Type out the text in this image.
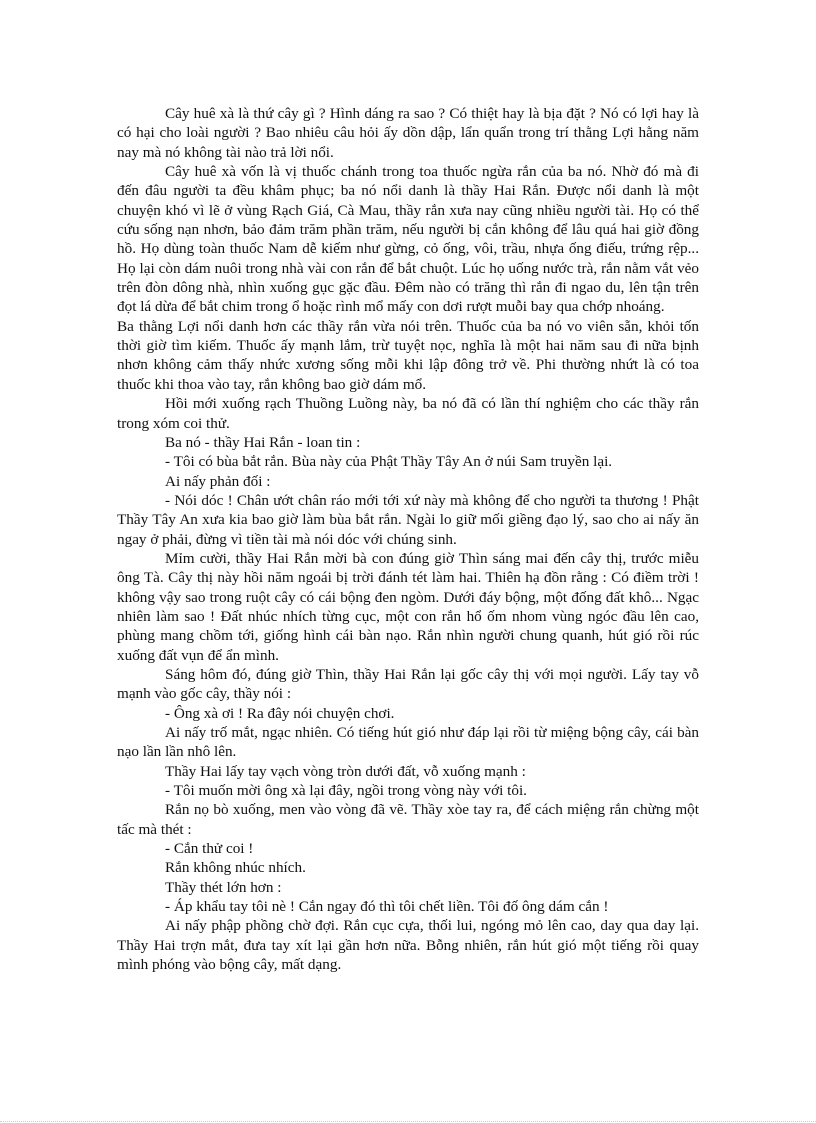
Cây huê xà là thứ cây gì ? Hình dáng ra sao ? Có thiệt hay là bịa đặt ? Nó có lợi hay là có hại cho loài người ? Bao nhiêu câu hỏi ấy dồn dập, lẩn quẩn trong trí thằng Lợi hằng năm nay mà nó không tài nào trả lời nổi.

Cây huê xà vốn là vị thuốc chánh trong toa thuốc ngừa rắn của ba nó. Nhờ đó mà đi đến đâu người ta đều khâm phục; ba nó nổi danh là thầy Hai Rắn. Được nổi danh là một chuyện khó vì lẽ ở vùng Rạch Giá, Cà Mau, thầy rắn xưa nay cũng nhiều người tài. Họ có thể cứu sống nạn nhơn, bảo đảm trăm phần trăm, nếu người bị cắn không để lâu quá hai giờ đồng hồ. Họ dùng toàn thuốc Nam dễ kiếm như gừng, cỏ ống, vôi, trầu, nhựa ống điếu, trứng rệp... Họ lại còn dám nuôi trong nhà vài con rắn để bắt chuột. Lúc họ uống nước trà, rắn nằm vắt vẻo trên đòn dông nhà, nhìn xuống gục gặc đầu. Đêm nào có trăng thì rắn đi ngao du, lên tận trên đọt lá dừa để bắt chim trong ổ hoặc rình mổ mấy con dơi rượt muỗi bay qua chớp nhoáng.

Ba thằng Lợi nổi danh hơn các thầy rắn vừa nói trên. Thuốc của ba nó vo viên sẵn, khỏi tốn thời giờ tìm kiếm. Thuốc ấy mạnh lắm, trừ tuyệt nọc, nghĩa là một hai năm sau đi nữa bịnh nhơn không cảm thấy nhức xương sống mỗi khi lập đông trở về. Phi thường nhứt là có toa thuốc khi thoa vào tay, rắn không bao giờ dám mổ.

Hồi mới xuống rạch Thuồng Luồng này, ba nó đã có lần thí nghiệm cho các thầy rắn trong xóm coi thử.

Ba nó - thầy Hai Rắn - loan tin :

- Tôi có bùa bắt rắn. Bùa này của Phật Thầy Tây An ở núi Sam truyền lại.

Ai nấy phản đối :

- Nói dóc ! Chân ướt chân ráo mới tới xứ này mà không để cho người ta thương ! Phật Thầy Tây An xưa kia bao giờ làm bùa bắt rắn. Ngài lo giữ mối giềng đạo lý, sao cho ai nấy ăn ngay ở phải, đừng vì tiền tài mà nói dóc với chúng sinh.

Mỉm cười, thầy Hai Rắn mời bà con đúng giờ Thìn sáng mai đến cây thị, trước miễu ông Tà. Cây thị này hồi năm ngoái bị trời đánh tét làm hai. Thiên hạ đồn rằng : Có điềm trời ! không vậy sao trong ruột cây có cái bộng đen ngòm. Dưới đáy bộng, một đống đất khô... Ngạc nhiên làm sao ! Đất nhúc nhích từng cục, một con rắn hổ ốm nhom vùng ngóc đầu lên cao, phùng mang chồm tới, giống hình cái bàn nạo. Rắn nhìn người chung quanh, hút gió rồi rúc xuống đất vụn để ẩn mình.

Sáng hôm đó, đúng giờ Thìn, thầy Hai Rắn lại gốc cây thị với mọi người. Lấy tay vỗ mạnh vào gốc cây, thầy nói :

- Ông xà ơi ! Ra đây nói chuyện chơi.

Ai nấy trố mắt, ngạc nhiên. Có tiếng hút gió như đáp lại rồi từ miệng bộng cây, cái bàn nạo lần lần nhô lên.

Thầy Hai lấy tay vạch vòng tròn dưới đất, vỗ xuống mạnh :

- Tôi muốn mời ông xà lại đây, ngồi trong vòng này với tôi.

Rắn nọ bò xuống, men vào vòng đã vẽ. Thầy xòe tay ra, để cách miệng rắn chừng một tấc mà thét :

- Cắn thử coi !

Rắn không nhúc nhích.

Thầy thét lớn hơn :

- Áp khẩu tay tôi nè ! Cắn ngay đó thì tôi chết liền. Tôi đố ông dám cắn !

Ai nấy phập phồng chờ đợi. Rắn cục cựa, thối lui, ngóng mỏ lên cao, day qua day lại. Thầy Hai trợn mắt, đưa tay xít lại gần hơn nữa. Bỗng nhiên, rắn hút gió một tiếng rồi quay mình phóng vào bộng cây, mất dạng.
